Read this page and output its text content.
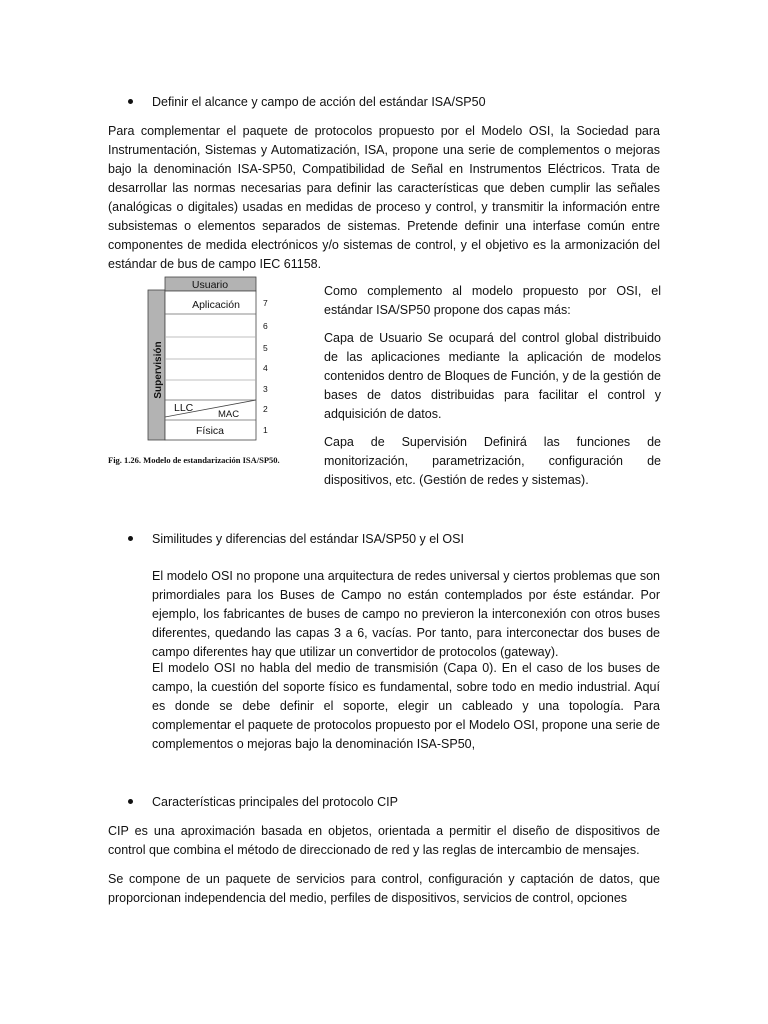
Definir el alcance y campo de acción del estándar ISA/SP50

Para complementar el paquete de protocolos propuesto por el Modelo OSI, la Sociedad para Instrumentación, Sistemas y Automatización, ISA, propone una serie de complementos o mejoras bajo la denominación ISA-SP50, Compatibilidad de Señal en Instrumentos Eléctricos. Trata de desarrollar las normas necesarias para definir las características que deben cumplir las señales (analógicas o digitales) usadas en medidas de proceso y control, y transmitir la información entre subsistemas o elementos separados de sistemas. Pretende definir una interfase común entre componentes de medida electrónicos y/o sistemas de control, y el objetivo es la armonización del estándar de bus de campo IEC 61158.

Supervisión
Usuario
Aplicación
LLC
MAC
Física
7
6
5
4
3
2
1
Fig. 1.26. Modelo de estandarización ISA/SP50.

Como complemento al modelo propuesto por OSI, el estándar ISA/SP50 propone dos capas más:

Capa de Usuario Se ocupará del control global distribuido de las aplicaciones mediante la aplicación de modelos contenidos dentro de Bloques de Función, y de la gestión de bases de datos distribuidas para facilitar el control y adquisición de datos.

Capa de Supervisión Definirá las funciones de monitorización, parametrización, configuración de dispositivos, etc. (Gestión de redes y sistemas).

Similitudes y diferencias del estándar ISA/SP50 y el OSI

El modelo OSI no propone una arquitectura de redes universal y ciertos problemas que son primordiales para los Buses de Campo no están contemplados por éste estándar. Por ejemplo, los fabricantes de buses de campo no previeron la interconexión con otros buses diferentes, quedando las capas 3 a 6, vacías. Por tanto, para interconectar dos buses de campo diferentes hay que utilizar un convertidor de protocolos (gateway).

El modelo OSI no habla del medio de transmisión (Capa 0). En el caso de los buses de campo, la cuestión del soporte físico es fundamental, sobre todo en medio industrial. Aquí es donde se debe definir el soporte, elegir un cableado y una topología. Para complementar el paquete de protocolos propuesto por el Modelo OSI, propone una serie de complementos o mejoras bajo la denominación ISA-SP50,

Características principales del protocolo CIP

CIP es una aproximación basada en objetos, orientada a permitir el diseño de dispositivos de control que combina el método de direccionado de red y las reglas de intercambio de mensajes.

Se compone de un paquete de servicios para control, configuración y captación de datos, que proporcionan independencia del medio, perfiles de dispositivos, servicios de control, opciones
